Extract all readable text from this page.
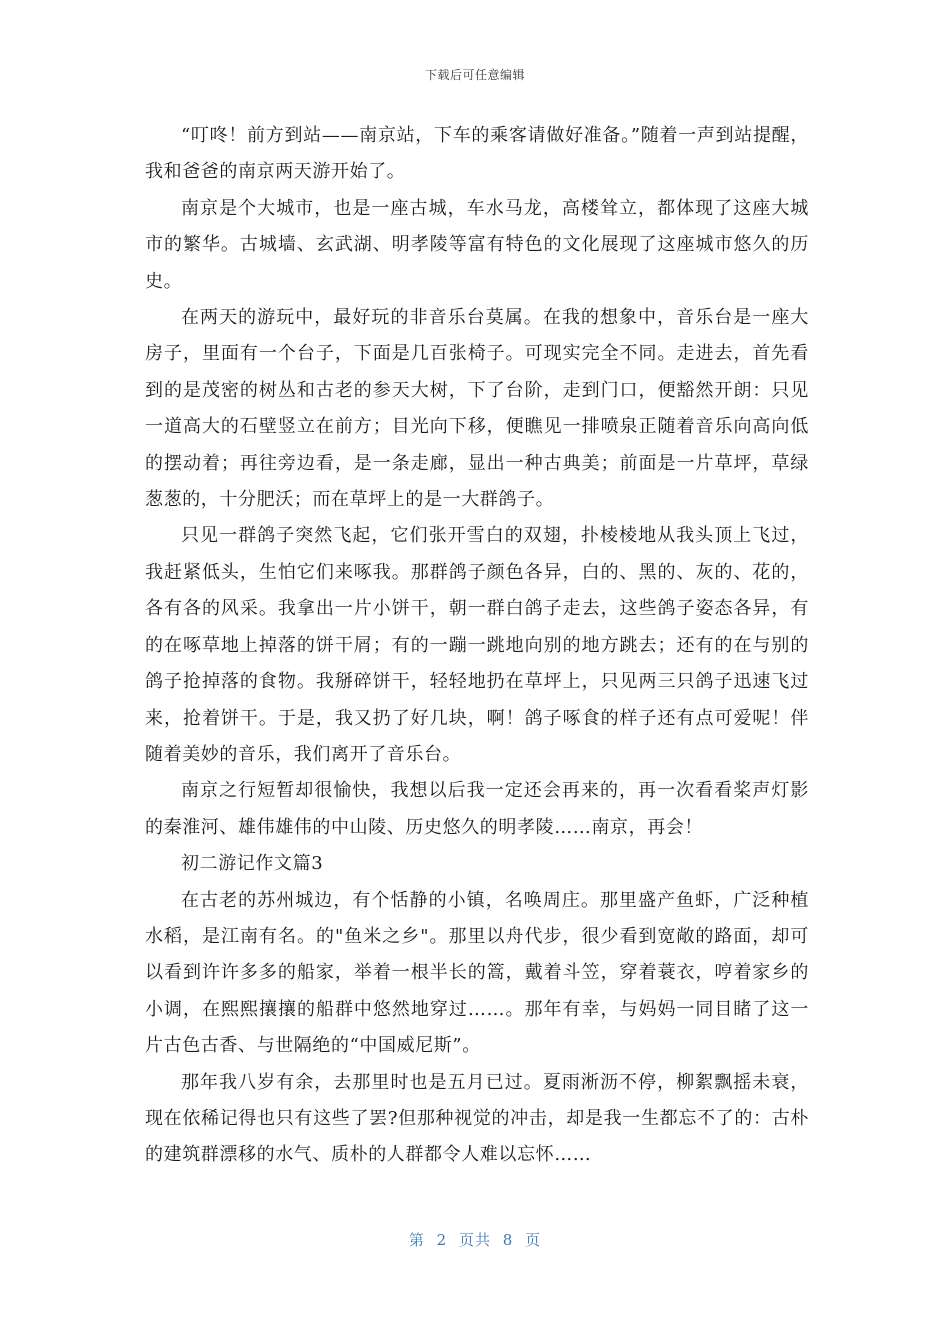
下载后可任意编辑

“叮咚！前方到站——南京站，下车的乘客请做好准备。”随着一声到站提醒，我和爸爸的南京两天游开始了。

南京是个大城市，也是一座古城，车水马龙，高楼耸立，都体现了这座大城市的繁华。古城墙、玄武湖、明孝陵等富有特色的文化展现了这座城市悠久的历史。

在两天的游玩中，最好玩的非音乐台莫属。在我的想象中，音乐台是一座大房子，里面有一个台子，下面是几百张椅子。可现实完全不同。走进去，首先看到的是茂密的树丛和古老的参天大树，下了台阶，走到门口，便豁然开朗：只见一道高大的石壁竖立在前方；目光向下移，便瞧见一排喷泉正随着音乐向高向低的摆动着；再往旁边看，是一条走廊，显出一种古典美；前面是一片草坪，草绿葱葱的，十分肥沃；而在草坪上的是一大群鸽子。

只见一群鸽子突然飞起，它们张开雪白的双翅，扑棱棱地从我头顶上飞过，我赶紧低头，生怕它们来啄我。那群鸽子颜色各异，白的、黑的、灰的、花的，各有各的风采。我拿出一片小饼干，朝一群白鸽子走去，这些鸽子姿态各异，有的在啄草地上掉落的饼干屑；有的一蹦一跳地向别的地方跳去；还有的在与别的鸽子抢掉落的食物。我掰碎饼干，轻轻地扔在草坪上，只见两三只鸽子迅速飞过来，抢着饼干。于是，我又扔了好几块，啊！鸽子啄食的样子还有点可爱呢！伴随着美妙的音乐，我们离开了音乐台。

南京之行短暂却很愉快，我想以后我一定还会再来的，再一次看看桨声灯影的秦淮河、雄伟雄伟的中山陵、历史悠久的明孝陵……南京，再会！

初二游记作文篇3

在古老的苏州城边，有个恬静的小镇，名唤周庄。那里盛产鱼虾，广泛种植水稻，是江南有名。的"鱼米之乡"。那里以舟代步，很少看到宽敞的路面，却可以看到许许多多的船家，举着一根半长的篙，戴着斗笠，穿着蓑衣，哼着家乡的小调，在熙熙攘攘的船群中悠然地穿过……。那年有幸，与妈妈一同目睹了这一片古色古香、与世隔绝的“中国威尼斯”。

那年我八岁有余，去那里时也是五月已过。夏雨淅沥不停，柳絮飘摇未衰，现在依稀记得也只有这些了罢?但那种视觉的冲击，却是我一生都忘不了的：古朴的建筑群漂移的水气、质朴的人群都令人难以忘怀……

第 2 页共 8 页
